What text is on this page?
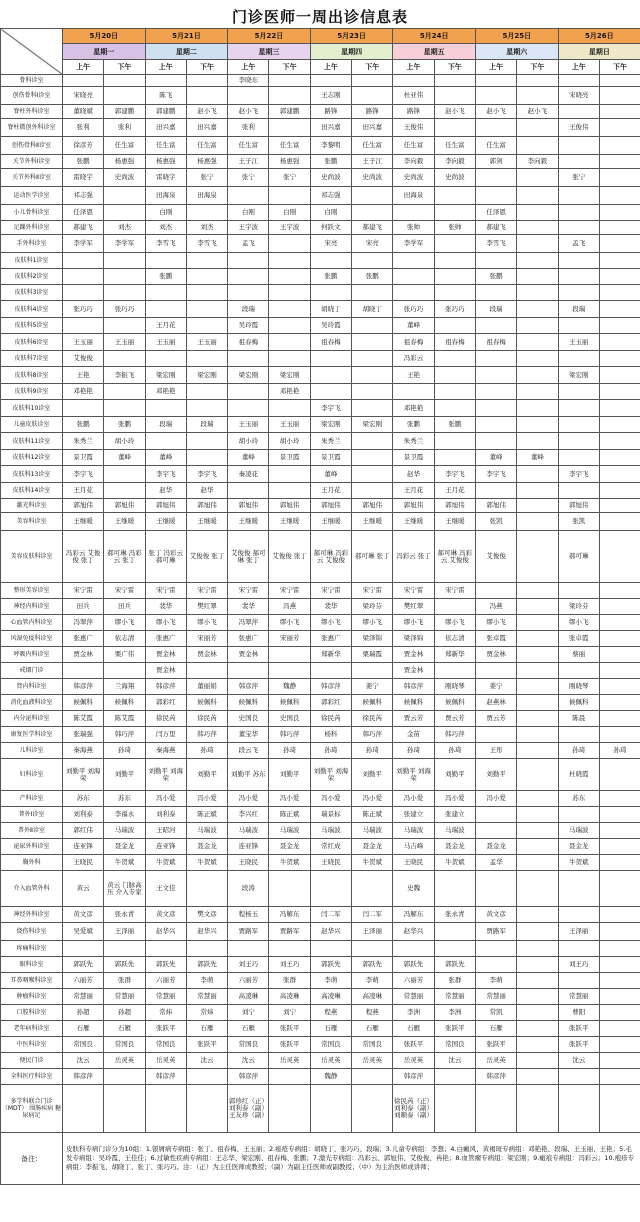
门诊医师一周出诊信息表
	5月20日		5月21日		5月22日		5月23日		5月24日		5月25日		5月26日	
	星期一		星期二		星期三		星期四		星期五		星期六		星期日	
	上午	下午	上午	下午	上午	下午	上午	下午	上午	下午	上午	下午	上午	下午
骨科诊室					李晓东									
创伤骨科Ⅰ诊室	宋晓亮		陈飞				王志刚		杜亚伟				宋晓亮	
脊柱外科诊室	董晓斌	郭建鹏	郭建鹏	赵小飞	赵小飞	郭建鹏	路锋	路锋	路锋	赵小飞	赵小飞	赵小飞		
脊柱微创外科诊室	张利	张利	田兴嘉	田兴嘉	张利		田兴嘉	田兴嘉	王俊伟				王俊伟	
创伤骨科Ⅱ诊室	徐彦芳	任生富	任生富	任生富	任生富	任生富	李黎明	任生富	任生富	任生富	任生富			
关节外科Ⅰ诊室	张鹏	杨惠强	杨惠强	杨惠强	王子江	杨惠强	张鹏	王子江	李向毅	李向毅	郭剑	李向毅		
关节外科Ⅱ诊室	雷晓宇	史尚波	雷晓宇	张宁	张宁	张宁	史尚波	史尚波	史尚波	史尚波			张宁	
运动医学诊室	祁志强		田海泉	田海泉			祁志强		田海泉					
小儿骨科诊室	任泽恩		白刚		白刚	白刚	白刚				任泽恩			
足踝外科诊室	郝建飞	刘杰	刘杰	刘杰	王宇波	王宇波	何跃文	郝建飞	张帅	张帅	郝建飞			
手外科诊室	李学军	李学军	李雪飞	李雪飞	孟飞		宋亮	宋亮	李学军		李雪飞		孟飞	
皮肤科1诊室														
皮肤科2诊室			张鹏				张鹏	张鹏			张鹏			
皮肤科3诊室														
皮肤科4诊室	张巧巧	张巧巧			段瑞		胡晓丁	胡晓丁	张巧巧	张巧巧	段瑞		段瑞	
皮肤科5诊室			王月花		吴玲霞		吴玲霞		董峰					
皮肤科6诊室	王玉丽	王玉丽	王玉丽	王玉丽	祖春梅		祖春梅		祖春梅	祖春梅	祖春梅		王玉丽	
皮肤科7诊室	艾俊俊								冯彩云					
皮肤科8诊室	王艳	李振飞	梁宏刚	梁宏刚	梁宏刚	梁宏刚			王艳				梁宏刚	
皮肤科9诊室	邓艳艳		邓艳艳			邓艳艳								
皮肤科10诊室							李宇飞		邓艳艳					
儿童皮肤诊室	张鹏	张鹏	段瑞	段瑞	王玉丽	王玉丽	梁宏刚	梁宏刚	张鹏	张鹏				
皮肤科11诊室	朱秀兰	胡小玲			胡小玲	胡小玲	朱秀兰		朱秀兰					
皮肤科12诊室	景卫霞	董峰	董峰		董峰	景卫霞	景卫霞		景卫霞		董峰	董峰		
皮肤科13诊室	李宇飞		李宇飞	李宇飞	秦凌花		董峰		赵华	李宇飞	李宇飞		李宇飞	
皮肤科14诊室	王月花		赵华	赵华			王月花		王月花	王月花				
激光科诊室	郭旭伟	郭旭伟	郭旭伟	郭旭伟	郭旭伟	郭旭伟	郭旭伟	郭旭伟	郭旭伟	郭旭伟	郭旭伟		郭旭伟	
美容科诊室	王继暖	王继暖	王继暖	王继暖	王继暖	王继暖	王继暖	王继暖	王继暖	王继暖	张凯		张凯	
美容皮肤科诊室	冯彩云 艾俊俊 张丁	郝可琳 冯彩云 张丁	张丁 冯彩云 郝可琳	艾俊俊 张丁	艾俊俊 郝可琳 张丁	艾俊俊 张丁	郝可琳 冯彩云 艾俊俊	郝可琳 张丁	冯彩云 张丁	郝可琳 冯彩云 艾俊俊	艾俊俊		郝可琳	
整形美容诊室	宋宁雷	宋宁雷	宋宁雷	宋宁雷	宋宁雷	宋宁雷	宋宁雷	宋宁雷	宋宁雷	宋宁雷				
神经内科诊室	田兵	田兵	裴华	樊红翠	裴华	冯燕	裴华	梁玲芬	樊红翠		冯燕		梁玲芬	
心血管内科诊室	冯翠萍	缪小飞	缪小飞	缪小飞	冯翠萍	缪小飞	缪小飞	缪小飞	缪小飞	缪小飞	缪小飞		缪小飞	
风湿免疫科诊室	张惠广	依志清	张惠广	宋丽芳	张惠广	宋丽芳	张惠广	梁泽锦	梁泽锦	依志清	张卓霞		张卓霞	
呼吸内科诊室	贾金林	栗广伟	贾金林	贾金林	贾金林		郑新华	栗瑞霞	贾金林	郑新华	贾金林		蔡丽	
戒烟门诊			贾金林						贾金林					
肾内科诊室	韩彦萍	兰海翔	韩彦萍	董丽娟	韩彦萍	魏静	韩彦萍	姜宁	韩彦萍	刚晓琴	姜宁		刚晓琴	
消化血液科诊室	候佩科	候佩科	郭彩红	候佩科	候佩科	候佩科	郭彩红	候佩科	候佩科	候佩科	赵燕林		候佩科	
内分泌科诊室	陈艾霞	陈艾霞	徐民芮	徐民芮	史国良	史国良	徐民芮	徐民芮	贾云芳	贾云芳	贾云芳		陈晨	
康复医学科诊室	张瑞强	韩巧萍	闫万里	韩巧萍	董宝华	韩巧萍	杨科	韩巧萍	金苗	韩巧萍				
儿科诊室	秦海燕	孙琦	秦海燕	孙琦	段云飞	孙琦	孙琦	孙琦	孙琦	孙琦	王彤		孙琦	孙琦
妇科诊室	刘勤平 刘海荣	刘勤平	刘勤平 刘海荣	刘勤平	刘勤平 苏东	刘勤平	刘勤平 刘海荣	刘勤平	刘勤平 刘海荣	刘勤平	刘勤平		杜晓霞	
产科诊室	苏东	苏东	冯小爱	冯小爱	冯小爱	冯小爱	冯小爱	冯小爱	冯小爱	冯小爱	冯小爱		苏东	
普外Ⅰ诊室	刘利泰	李福永	刘利泰	陈正斌	李兴红	陈正斌	瑞景标	陈正斌	张建立	张建立				
普外Ⅱ诊室	郭红伟	马瑞波	王昭河	马瑞波	马瑞波	马瑞波	马瑞波	马瑞波	马瑞波	马瑞波			马瑞波	
泌尿外科诊室	连亚锋	聂金龙	连亚锋	聂金龙	连亚锋	聂金龙	常红成	聂金龙	马吉峰	聂金龙	聂金龙		聂金龙	
胸外科	王晓民	牛贺斌	牛贺斌	牛贺斌	王晓民	牛贺斌	王晓民	牛贺斌	王晓民	牛贺斌	孟华		牛贺斌	
介入血管外科	黄云	黄云 门脉高压 介入专家	王文佳		段涛				史魏					
神经外科诊室	黄文彦	张永青	黄文彦	樊文彦	程杨玉	冯解东	闫二军	闫二军	冯解东	张永青	黄文彦			
烧伤科诊室	吴爱斌	王泽丽	赵华兴	赵华兴	贾路军	贾路军	赵华兴	王泽丽	赵华兴		贾路军		王泽丽	
疼痛科诊室														
眼科诊室	郭跃先	郭跃先	郭跃先	郭跃先	刘王巧	刘王巧	郭跃先	郭跃先	郭跃先	郭跃先			刘王巧	
耳鼻咽喉科诊室	六丽芳	张群	六丽芳	李萌	六丽芳	张群	李萌	李萌	六丽芳	张群	李萌			
肿瘤科诊室	常慧丽	常慧丽	常慧丽	常慧丽	高凌琳	高凌琳	高凌琳	高凌琳	常慧丽	常慧丽	常慧丽		常慧丽	
口腔科诊室	孙超	孙超	常炜	常炜	刘宁	刘宁	程燕	程燕	李洲	李洲	常凯		曹阳	
老年病科诊室	石雁	石雁	张跃平	石雁	石雁	张跃平	石雁	石雁	石雁	张跃平	石雁		张跃平	
中医科诊室	常国良	常国良	常国良	张跃平	常国良	张跃平	常国良	常国良	张跃平	常国良	张跃平		张跃平	
便民门诊	沈云	岳灵英	岳灵英	沈云	沈云	岳灵英	岳灵英	岳灵英	岳灵英	沈云	岳灵英		沈云	
全科医疗科诊室	韩彦萍		韩彦萍		韩彦萍		魏静		韩彦萍		韩彦萍			
多学科联合门诊（MDT） 围肠疾病 糖尿病足					郭珍红（正） 刘利泰（副） 王友珍（副）				徐民芮（正） 刘利泰（副） 刘顺泰（副）					
备注：	皮肤科专病门诊分为10组：1.银屑病专病组：张丁、祖春梅、王玉丽；2.痤疮专病组：胡晓丁、张巧巧、段瑞；3.儿童专病组：李想；4.白癜风、黄褐斑专病组：邓艳艳、段瑞、王玉丽、王艳；5.毛发专病组：吴玲霞、王佳佳；6.过敏性疾病专病组：王志华、梁宏刚、祖春梅、张鹏；7.激光专病组：冯彩云、郭旭伟、艾俊俊、冉艳；8.血管瘤专病组：梁宏刚；9.瘢痕专病组：冯彩云；10.疱疹专病组：李振飞、胡晓丁、张丁、张巧巧。注：（正）为主任医师或教授；（副）为副主任医师或副教授；（中）为主治医师或讲师；													
